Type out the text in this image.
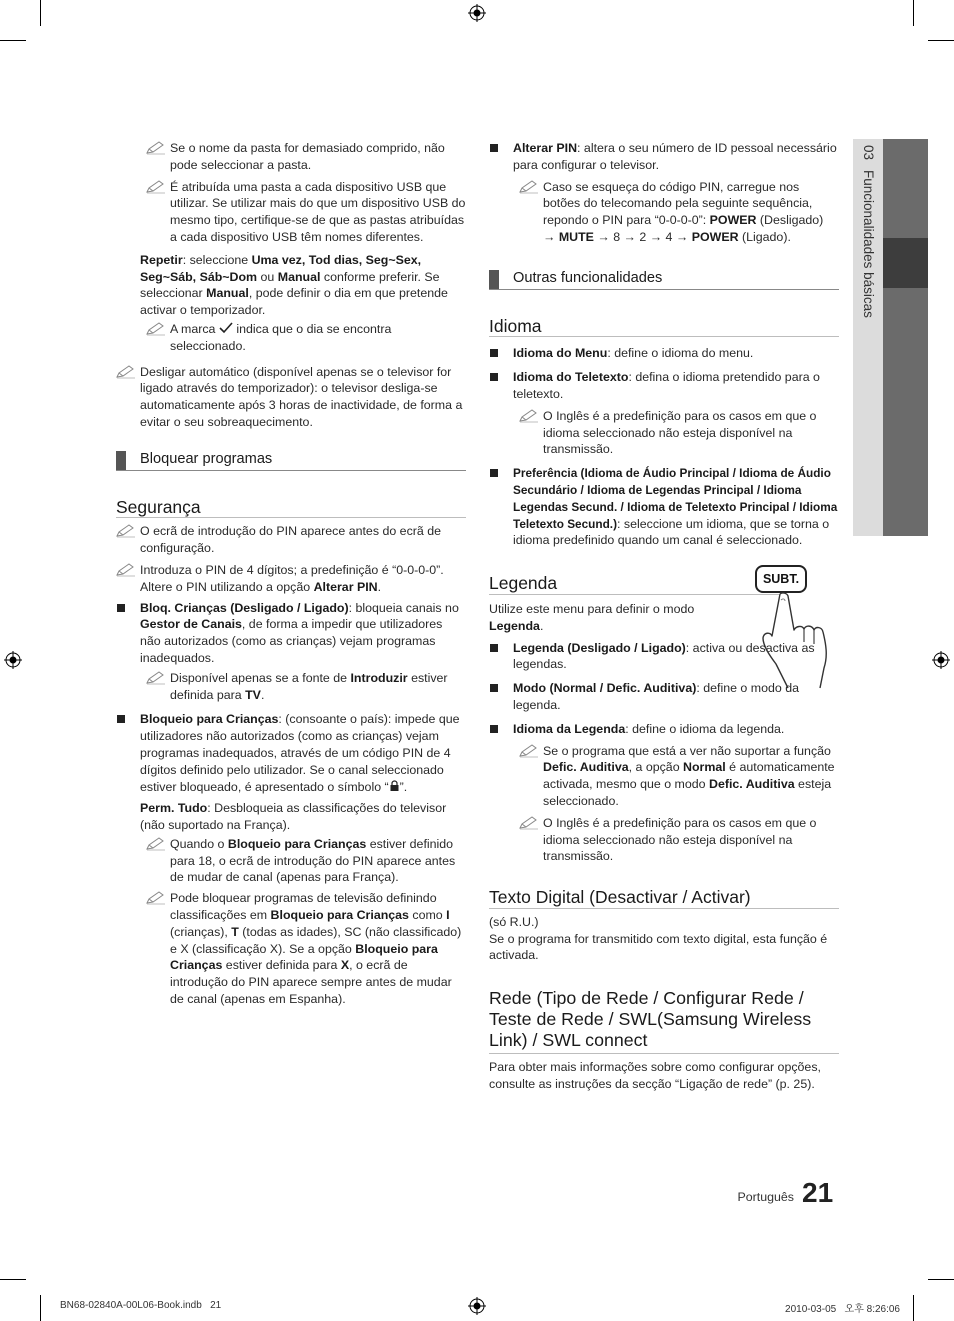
03Funcionalidades básicas

Se o nome da pasta for demasiado comprido, não pode seleccionar a pasta.

É atribuída uma pasta a cada dispositivo USB que utilizar. Se utilizar mais do que um dispositivo USB do mesmo tipo, certifique-se de que as pastas atribuídas a cada dispositivo USB têm nomes diferentes.

Repetir: seleccione Uma vez, Tod dias, Seg~Sex, Seg~Sáb, Sáb~Dom ou Manual conforme preferir. Se seleccionar Manual, pode definir o dia em que pretende activar o temporizador.

A marca indica que o dia se encontra seleccionado.

Desligar automático (disponível apenas se o televisor for ligado através do temporizador): o televisor desliga-se automaticamente após 3 horas de inactividade, de forma a evitar o seu sobreaquecimento.

Bloquear programas
Segurança

O ecrã de introdução do PIN aparece antes do ecrã de configuração.

Introduza o PIN de 4 dígitos; a predefinição é “0-0-0-0”. Altere o PIN utilizando a opção Alterar PIN.

Bloq. Crianças (Desligado / Ligado): bloqueia canais no Gestor de Canais, de forma a impedir que utilizadores não autorizados (como as crianças) vejam programas inadequados.

Disponível apenas se a fonte de Introduzir estiver definida para TV.

Bloqueio para Crianças: (consoante o país): impede que utilizadores não autorizados (como as crianças) vejam programas inadequados, através de um código PIN de 4 dígitos definido pelo utilizador. Se o canal seleccionado estiver bloqueado, é apresentado o símbolo “ ”.

Perm. Tudo: Desbloqueia as classificações do televisor (não suportado na França).

Quando o Bloqueio para Crianças estiver definido para 18, o ecrã de introdução do PIN aparece antes de mudar de canal (apenas para França).

Pode bloquear programas de televisão definindo classificações em Bloqueio para Crianças como I (crianças), T (todas as idades), SC (não classificado) e X (classificação X). Se a opção Bloqueio para Crianças estiver definida para X, o ecrã de introdução do PIN aparece sempre antes de mudar de canal (apenas em Espanha).

Alterar PIN: altera o seu número de ID pessoal necessário para configurar o televisor.

Caso se esqueça do código PIN, carregue nos botões do telecomando pela seguinte sequência, repondo o PIN para “0-0-0-0”: POWER (Desligado) → MUTE → 8 → 2 → 4 → POWER (Ligado).

Outras funcionalidades
Idioma

Idioma do Menu: define o idioma do menu.

Idioma do Teletexto: defina o idioma pretendido para o teletexto.

O Inglês é a predefinição para os casos em que o idioma seleccionado não esteja disponível na transmissão.

Preferência (Idioma de Áudio Principal / Idioma de Áudio Secundário / Idioma de Legendas Principal / Idioma Legendas Secund. / Idioma de Teletexto Principal / Idioma Teletexto Secund.): seleccione um idioma, que se torna o idioma predefinido quando um canal é seleccionado.

Legenda

Utilize este menu para definir o modo Legenda.

Legenda (Desligado / Ligado): activa ou desactiva as legendas.

Modo (Normal / Defic. Auditiva): define o modo da legenda.

Idioma da Legenda: define o idioma da legenda.

Se o programa que está a ver não suportar a função Defic. Auditiva, a opção Normal é automaticamente activada, mesmo que o modo Defic. Auditiva esteja seleccionado.

O Inglês é a predefinição para os casos em que o idioma seleccionado não esteja disponível na transmissão.

Texto Digital (Desactivar / Activar)

(só R.U.)

Se o programa for transmitido com texto digital, esta função é activada.

Rede (Tipo de Rede / Configurar Rede / Teste de Rede / SWL(Samsung Wireless Link) / SWL connect

Para obter mais informações sobre como configurar opções, consulte as instruções da secção “Ligação de rede” (p. 25).

SUBT.
Português 21
BN68-02840A-00L06-Book.indb   21	2010-03-05   오후 8:26:06
